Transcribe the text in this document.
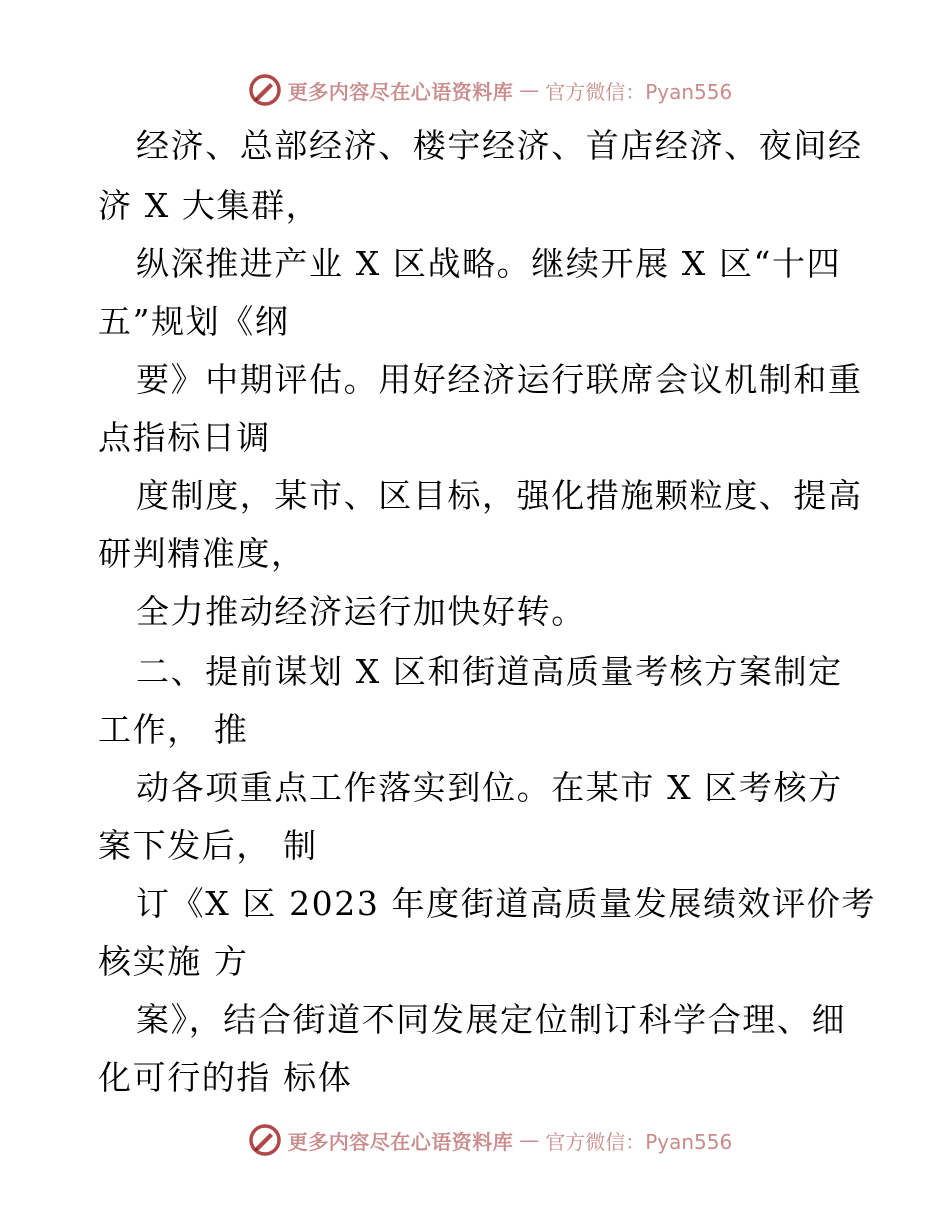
更多内容尽在心语资料库 — 官方微信：Pyan556
经济、总部经济、楼宇经济、首店经济、夜间经
济 X 大集群，
纵深推进产业 X 区战略。继续开展 X 区“十四
五”规划《纲
要》中期评估。用好经济运行联席会议机制和重
点指标日调
度制度，某市、区目标，强化措施颗粒度、提高
研判精准度，
全力推动经济运行加快好转。
二、提前谋划 X 区和街道高质量考核方案制定
工作， 推
动各项重点工作落实到位。在某市 X 区考核方
案下发后， 制
订《X 区 2023 年度街道高质量发展绩效评价考
核实施 方
案》，结合街道不同发展定位制订科学合理、细
化可行的指 标体
更多内容尽在心语资料库 — 官方微信：Pyan556
